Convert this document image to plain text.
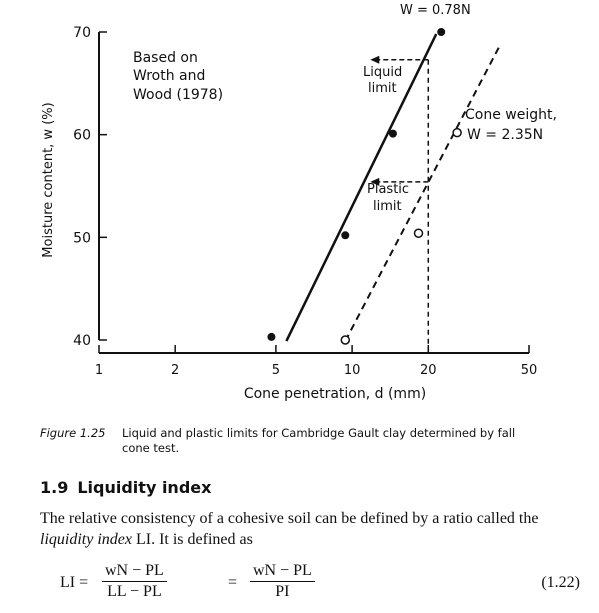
40
50
60
70
1	2	5	10	20	50
Moisture content, w (%)
Cone penetration, d (mm)
Based on
Wroth and
Wood (1978)
Liquid
limit
Plastic
limit
W = 0.78N
Cone weight,
W = 2.35N
Figure 1.25 Liquid and plastic limits for Cambridge Gault clay determined by fall
cone test.
1.9 Liquidity index
The relative consistency of a cohesive soil can be defined by a ratio called the liquidity index LI. It is defined as
LI = $\frac{wN - PL}{LL - PL}$	= $\frac{wN - PL}{PI}$	(1.22)
